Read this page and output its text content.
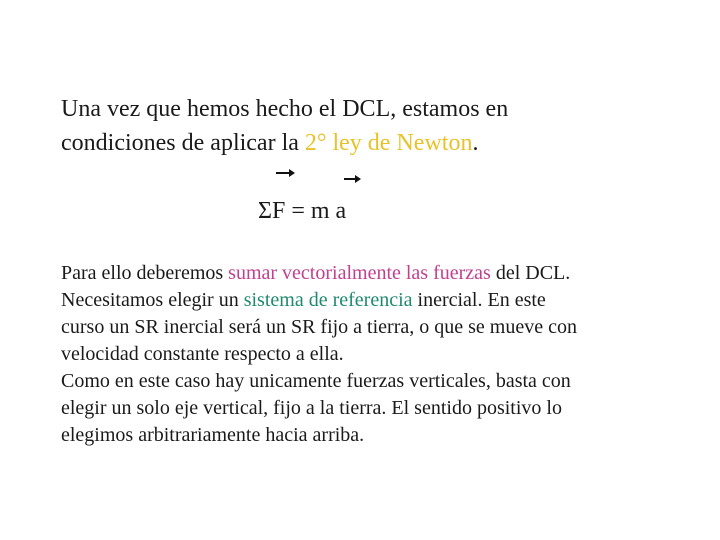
Una vez que hemos hecho el DCL, estamos en
condiciones de aplicar la 2° ley de Newton.

ΣF = m a

Para ello deberemos sumar vectorialmente las fuerzas del DCL.
Necesitamos elegir un sistema de referencia inercial. En este
curso un SR inercial será un SR fijo a tierra, o que se mueve con
velocidad constante respecto a ella.
Como en este caso hay unicamente fuerzas verticales, basta con
elegir un solo eje vertical, fijo a la tierra. El sentido positivo lo
elegimos arbitrariamente hacia arriba.
